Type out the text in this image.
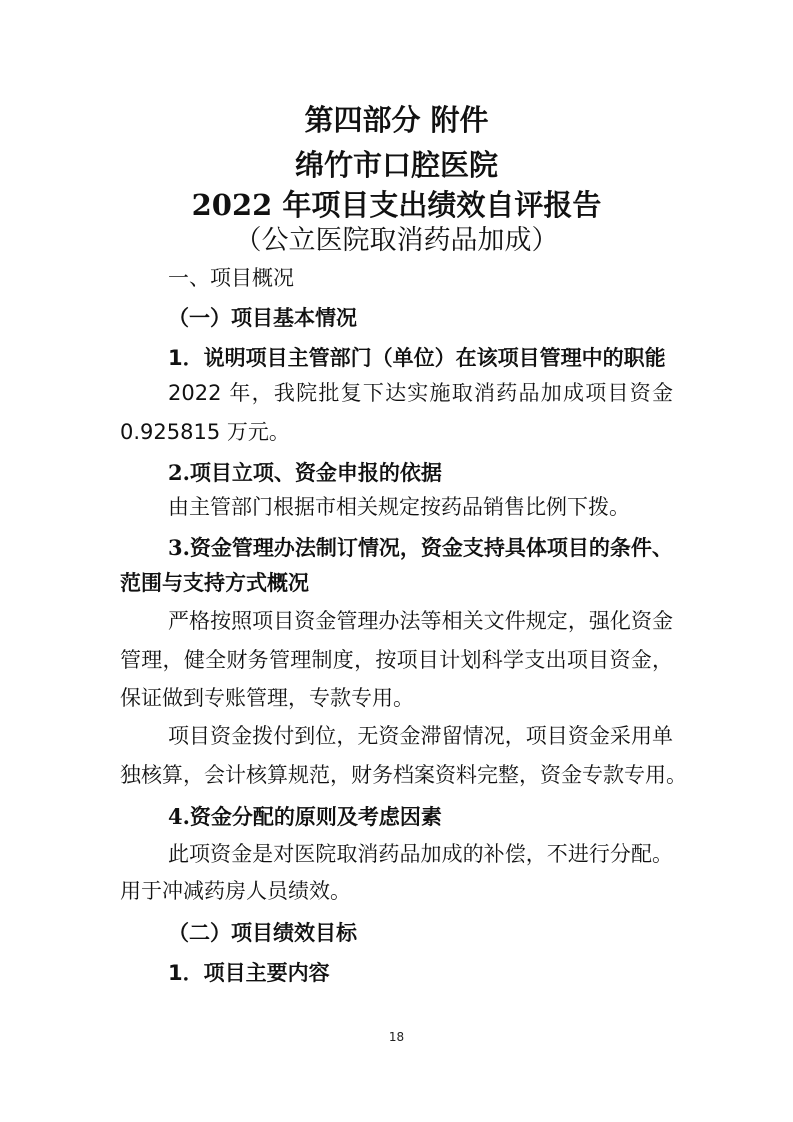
第四部分 附件
绵竹市口腔医院
2022 年项目支出绩效自评报告
（公立医院取消药品加成）
一、项目概况
（一）项目基本情况
1．说明项目主管部门（单位）在该项目管理中的职能
2022 年，我院批复下达实施取消药品加成项目资金
0.925815 万元。
2.项目立项、资金申报的依据
由主管部门根据市相关规定按药品销售比例下拨。
3.资金管理办法制订情况，资金支持具体项目的条件、
范围与支持方式概况
严格按照项目资金管理办法等相关文件规定，强化资金
管理，健全财务管理制度，按项目计划科学支出项目资金，
保证做到专账管理，专款专用。
项目资金拨付到位，无资金滞留情况，项目资金采用单
独核算，会计核算规范，财务档案资料完整，资金专款专用。
4.资金分配的原则及考虑因素
此项资金是对医院取消药品加成的补偿，不进行分配。
用于冲减药房人员绩效。
（二）项目绩效目标
1．项目主要内容
18
